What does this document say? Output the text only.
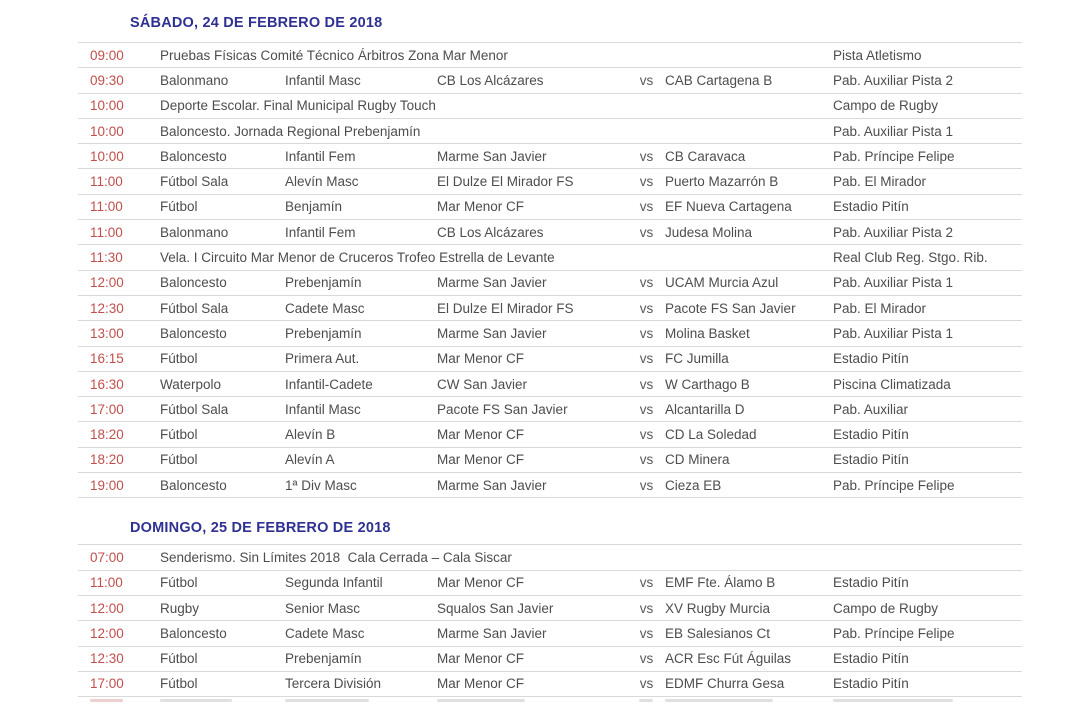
SÁBADO, 24 DE FEBRERO DE 2018
09:00	Pruebas Físicas Comité Técnico Árbitros Zona Mar Menor	Pista Atletismo
09:30	Balonmano	Infantil Masc	CB Los Alcázares	vs CAB Cartagena B	Pab. Auxiliar Pista 2
10:00	Deporte Escolar. Final Municipal Rugby Touch	Campo de Rugby
10:00	Baloncesto. Jornada Regional Prebenjamín	Pab. Auxiliar Pista 1
10:00	Baloncesto	Infantil Fem	Marme San Javier	vs CB Caravaca	Pab. Príncipe Felipe
11:00	Fútbol Sala	Alevín Masc	El Dulze El Mirador FS	vs Puerto Mazarrón B	Pab. El Mirador
11:00	Fútbol	Benjamín	Mar Menor CF	vs EF Nueva Cartagena	Estadio Pitín
11:00	Balonmano	Infantil Fem	CB Los Alcázares	vs Judesa Molina	Pab. Auxiliar Pista 2
11:30	Vela. I Circuito Mar Menor de Cruceros Trofeo Estrella de Levante	Real Club Reg. Stgo. Rib.
12:00	Baloncesto	Prebenjamín	Marme San Javier	vs UCAM Murcia Azul	Pab. Auxiliar Pista 1
12:30	Fútbol Sala	Cadete Masc	El Dulze El Mirador FS	vs Pacote FS San Javier	Pab. El Mirador
13:00	Baloncesto	Prebenjamín	Marme San Javier	vs Molina Basket	Pab. Auxiliar Pista 1
16:15	Fútbol	Primera Aut.	Mar Menor CF	vs FC Jumilla	Estadio Pitín
16:30	Waterpolo	Infantil-Cadete	CW San Javier	vs W Carthago B	Piscina Climatizada
17:00	Fútbol Sala	Infantil Masc	Pacote FS San Javier	vs Alcantarilla D	Pab. Auxiliar
18:20	Fútbol	Alevín B	Mar Menor CF	vs CD La Soledad	Estadio Pitín
18:20	Fútbol	Alevín A	Mar Menor CF	vs CD Minera	Estadio Pitín
19:00	Baloncesto	1ª Div Masc	Marme San Javier	vs Cieza EB	Pab. Príncipe Felipe
DOMINGO, 25 DE FEBRERO DE 2018
07:00	Senderismo. Sin Límites 2018  Cala Cerrada – Cala Siscar
11:00	Fútbol	Segunda Infantil	Mar Menor CF	vs EMF Fte. Álamo B	Estadio Pitín
12:00	Rugby	Senior Masc	Squalos San Javier	vs XV Rugby Murcia	Campo de Rugby
12:00	Baloncesto	Cadete Masc	Marme San Javier	vs EB Salesianos Ct	Pab. Príncipe Felipe
12:30	Fútbol	Prebenjamín	Mar Menor CF	vs ACR Esc Fút Águilas	Estadio Pitín
17:00	Fútbol	Tercera División	Mar Menor CF	vs EDMF Churra Gesa	Estadio Pitín
